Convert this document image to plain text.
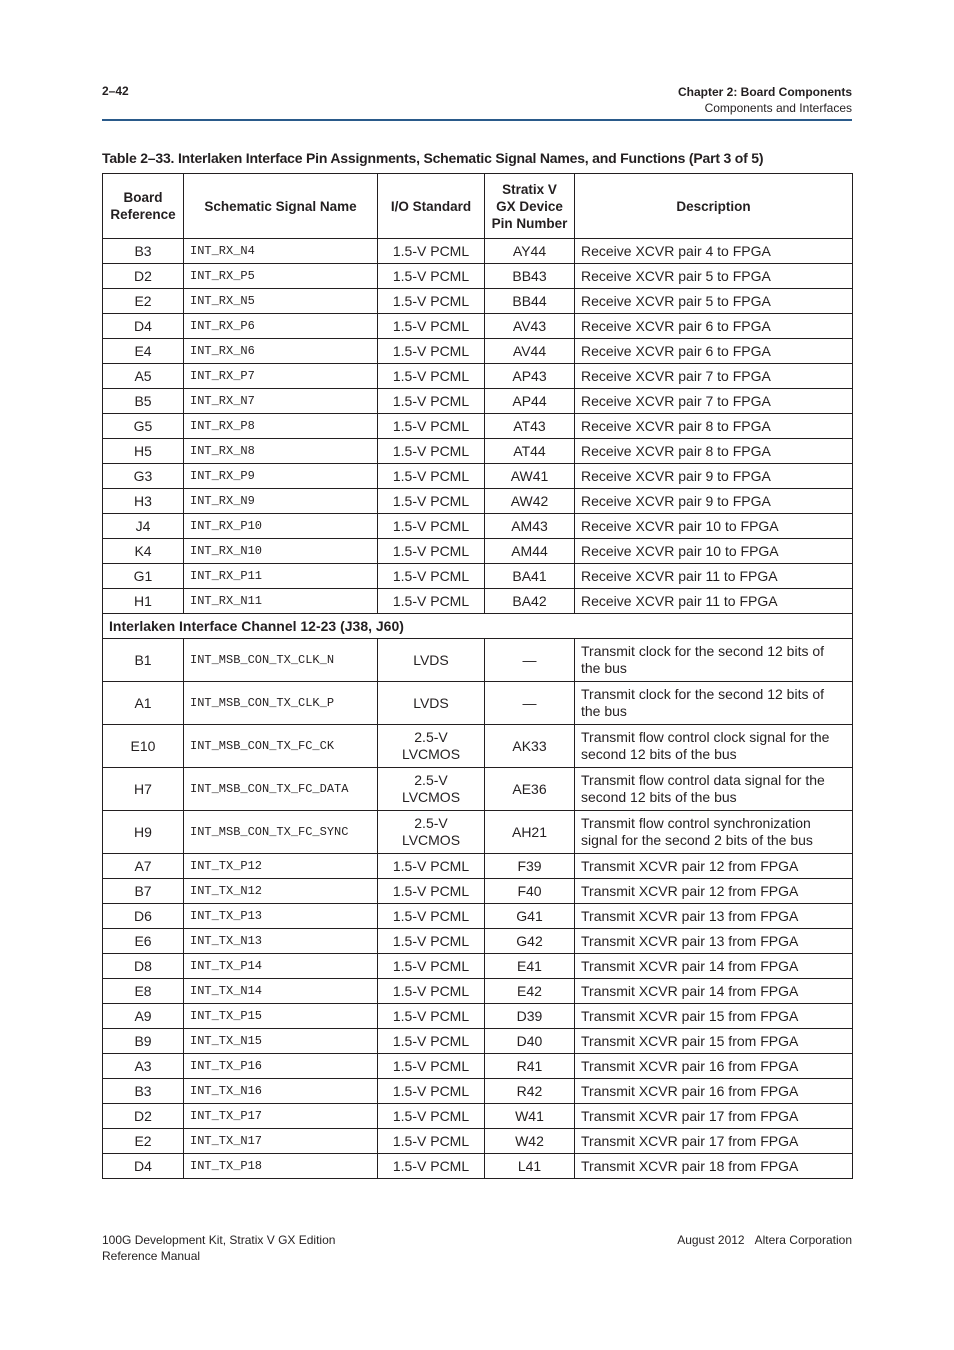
2–42	Chapter 2: Board Components
Components and Interfaces
Table 2–33. Interlaken Interface Pin Assignments, Schematic Signal Names, and Functions (Part 3 of 5)
Board Reference	Schematic Signal Name	I/O Standard	Stratix V GX Device Pin Number	Description
B3	INT_RX_N4	1.5-V PCML	AY44	Receive XCVR pair 4 to FPGA
D2	INT_RX_P5	1.5-V PCML	BB43	Receive XCVR pair 5 to FPGA
E2	INT_RX_N5	1.5-V PCML	BB44	Receive XCVR pair 5 to FPGA
D4	INT_RX_P6	1.5-V PCML	AV43	Receive XCVR pair 6 to FPGA
E4	INT_RX_N6	1.5-V PCML	AV44	Receive XCVR pair 6 to FPGA
A5	INT_RX_P7	1.5-V PCML	AP43	Receive XCVR pair 7 to FPGA
B5	INT_RX_N7	1.5-V PCML	AP44	Receive XCVR pair 7 to FPGA
G5	INT_RX_P8	1.5-V PCML	AT43	Receive XCVR pair 8 to FPGA
H5	INT_RX_N8	1.5-V PCML	AT44	Receive XCVR pair 8 to FPGA
G3	INT_RX_P9	1.5-V PCML	AW41	Receive XCVR pair 9 to FPGA
H3	INT_RX_N9	1.5-V PCML	AW42	Receive XCVR pair 9 to FPGA
J4	INT_RX_P10	1.5-V PCML	AM43	Receive XCVR pair 10 to FPGA
K4	INT_RX_N10	1.5-V PCML	AM44	Receive XCVR pair 10 to FPGA
G1	INT_RX_P11	1.5-V PCML	BA41	Receive XCVR pair 11 to FPGA
H1	INT_RX_N11	1.5-V PCML	BA42	Receive XCVR pair 11 to FPGA
Interlaken Interface Channel 12-23 (J38, J60)				
B1	INT_MSB_CON_TX_CLK_N	LVDS	—	Transmit clock for the second 12 bits of the bus
A1	INT_MSB_CON_TX_CLK_P	LVDS	—	Transmit clock for the second 12 bits of the bus
E10	INT_MSB_CON_TX_FC_CK	2.5-V LVCMOS	AK33	Transmit flow control clock signal for the second 12 bits of the bus
H7	INT_MSB_CON_TX_FC_DATA	2.5-V LVCMOS	AE36	Transmit flow control data signal for the second 12 bits of the bus
H9	INT_MSB_CON_TX_FC_SYNC	2.5-V LVCMOS	AH21	Transmit flow control synchronization signal for the second 2 bits of the bus
A7	INT_TX_P12	1.5-V PCML	F39	Transmit XCVR pair 12 from FPGA
B7	INT_TX_N12	1.5-V PCML	F40	Transmit XCVR pair 12 from FPGA
D6	INT_TX_P13	1.5-V PCML	G41	Transmit XCVR pair 13 from FPGA
E6	INT_TX_N13	1.5-V PCML	G42	Transmit XCVR pair 13 from FPGA
D8	INT_TX_P14	1.5-V PCML	E41	Transmit XCVR pair 14 from FPGA
E8	INT_TX_N14	1.5-V PCML	E42	Transmit XCVR pair 14 from FPGA
A9	INT_TX_P15	1.5-V PCML	D39	Transmit XCVR pair 15 from FPGA
B9	INT_TX_N15	1.5-V PCML	D40	Transmit XCVR pair 15 from FPGA
A3	INT_TX_P16	1.5-V PCML	R41	Transmit XCVR pair 16 from FPGA
B3	INT_TX_N16	1.5-V PCML	R42	Transmit XCVR pair 16 from FPGA
D2	INT_TX_P17	1.5-V PCML	W41	Transmit XCVR pair 17 from FPGA
E2	INT_TX_N17	1.5-V PCML	W42	Transmit XCVR pair 17 from FPGA
D4	INT_TX_P18	1.5-V PCML	L41	Transmit XCVR pair 18 from FPGA
100G Development Kit, Stratix V GX Edition
Reference Manual
August 2012 Altera Corporation
